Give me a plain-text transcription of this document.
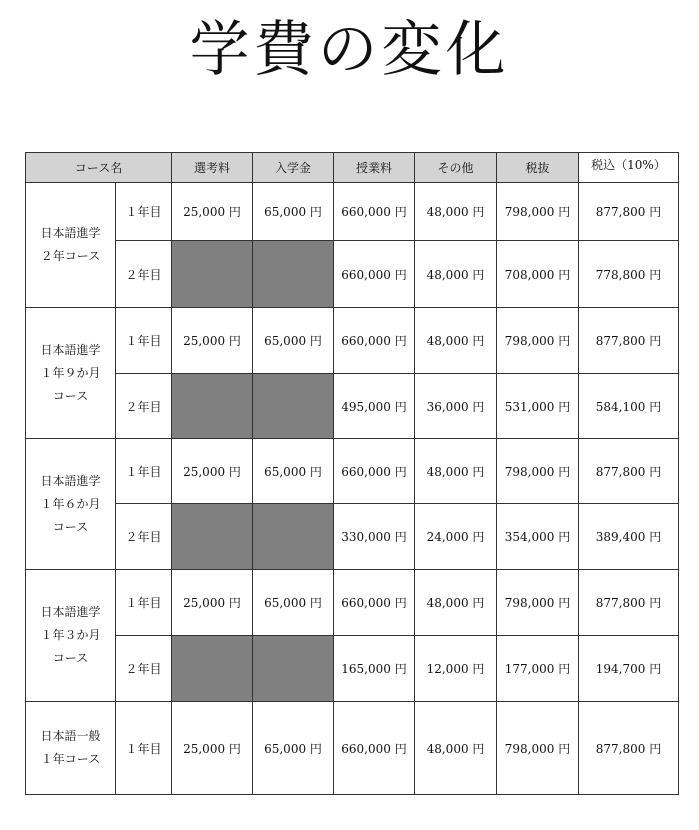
学費の変化
コース名		選考料	入学金	授業料	その他	税抜	税込（10%）

日本語進学
２年コース	１年目	25,000 円	65,000 円	660,000 円	48,000 円	798,000 円	877,800 円
	２年目			660,000 円	48,000 円	708,000 円	778,800 円

日本語進学
１年９か月
コース	１年目	25,000 円	65,000 円	660,000 円	48,000 円	798,000 円	877,800 円
	２年目			495,000 円	36,000 円	531,000 円	584,100 円

日本語進学
１年６か月
コース	１年目	25,000 円	65,000 円	660,000 円	48,000 円	798,000 円	877,800 円
	２年目			330,000 円	24,000 円	354,000 円	389,400 円

日本語進学
１年３か月
コース	１年目	25,000 円	65,000 円	660,000 円	48,000 円	798,000 円	877,800 円
	２年目			165,000 円	12,000 円	177,000 円	194,700 円

日本語一般
１年コース	１年目	25,000 円	65,000 円	660,000 円	48,000 円	798,000 円	877,800 円
